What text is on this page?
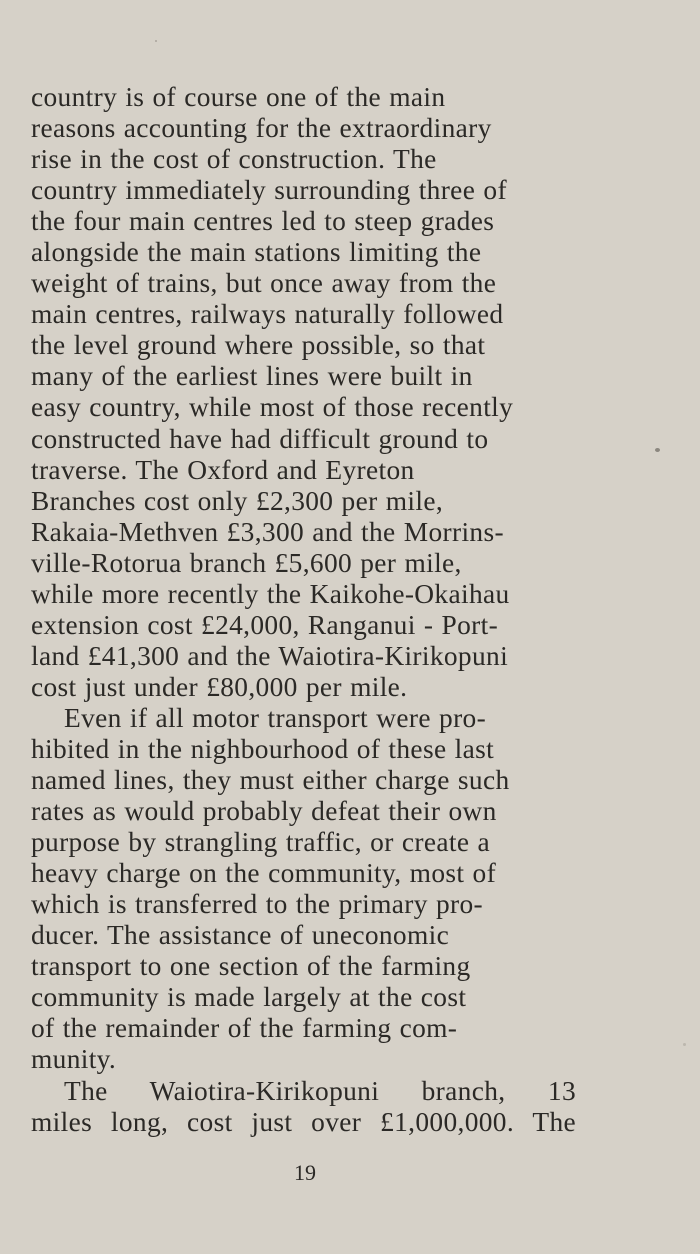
country is of course one of the main
reasons accounting for the extraordinary
rise in the cost of construction. The
country immediately surrounding three of
the four main centres led to steep grades
alongside the main stations limiting the
weight of trains, but once away from the
main centres, railways naturally followed
the level ground where possible, so that
many of the earliest lines were built in
easy country, while most of those recently
constructed have had difficult ground to
traverse. The Oxford and Eyreton
Branches cost only £2,300 per mile,
Rakaia-Methven £3,300 and the Morrins-
ville-Rotorua branch £5,600 per mile,
while more recently the Kaikohe-Okaihau
extension cost £24,000, Ranganui - Port-
land £41,300 and the Waiotira-Kirikopuni
cost just under £80,000 per mile.

Even if all motor transport were pro-
hibited in the nighbourhood of these last
named lines, they must either charge such
rates as would probably defeat their own
purpose by strangling traffic, or create a
heavy charge on the community, most of
which is transferred to the primary pro-
ducer. The assistance of uneconomic
transport to one section of the farming
community is made largely at the cost
of the remainder of the farming com-
munity.

The Waiotira-Kirikopuni branch, 13
miles long, cost just over £1,000,000. The

19
